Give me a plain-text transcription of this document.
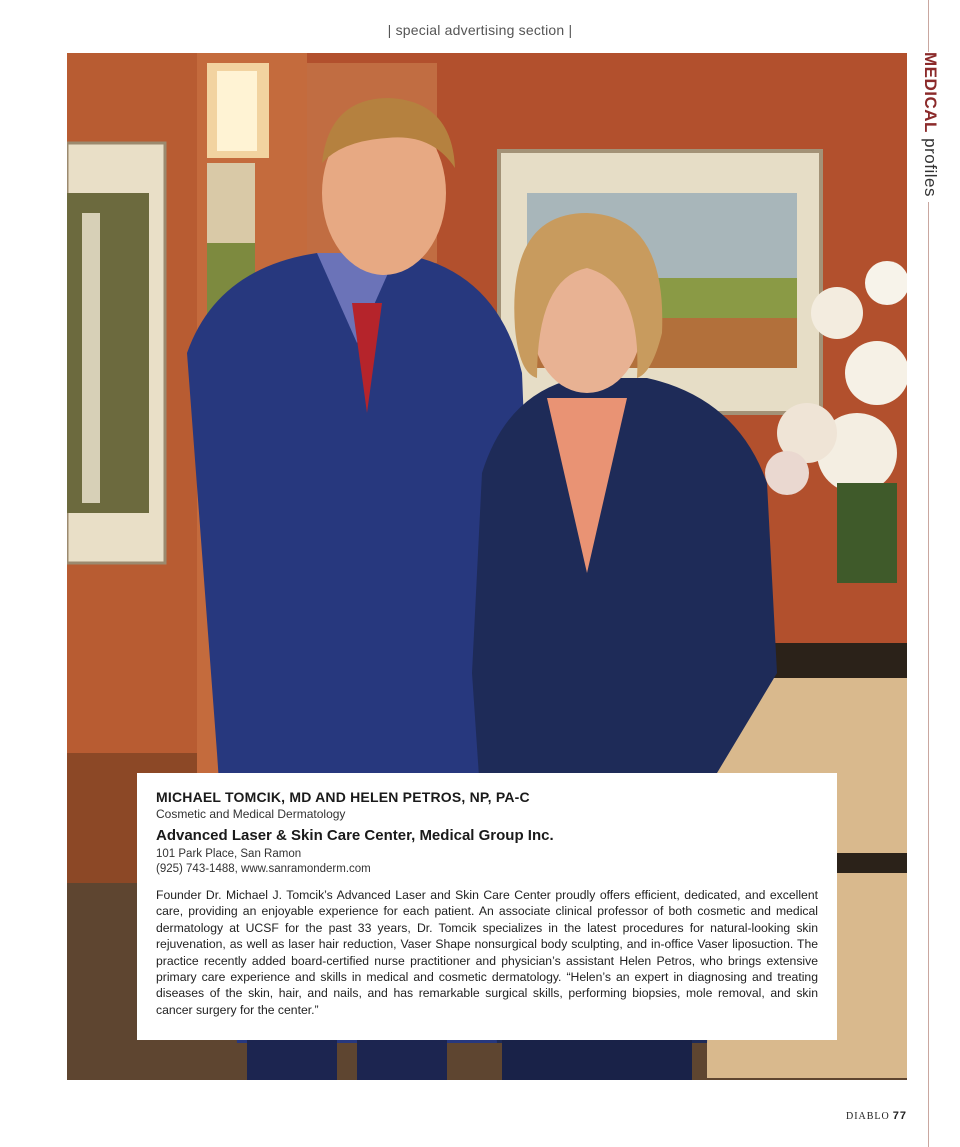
| special advertising section |
MEDICAL profiles

MICHAEL TOMCIK, MD AND HELEN PETROS, NP, PA-C

Cosmetic and Medical Dermatology

Advanced Laser & Skin Care Center, Medical Group Inc.

101 Park Place, San Ramon

(925) 743-1488, www.sanramonderm.com

Founder Dr. Michael J. Tomcik’s Advanced Laser and Skin Care Center proudly offers efficient, dedicated, and excellent care, providing an enjoyable experience for each patient. An associate clinical professor of both cosmetic and medical dermatology at UCSF for the past 33 years, Dr. Tomcik specializes in the latest procedures for natural-looking skin rejuvenation, as well as laser hair reduction, Vaser Shape nonsurgical body sculpting, and in-office Vaser liposuction. The practice recently added board-certified nurse practitioner and physician’s assistant Helen Petros, who brings extensive primary care experience and skills in medical and cosmetic dermatology. “Helen’s an expert in diagnosing and treating diseases of the skin, hair, and nails, and has remarkable surgical skills, performing biopsies, mole removal, and skin cancer surgery for the center.”

DIABLO 77
